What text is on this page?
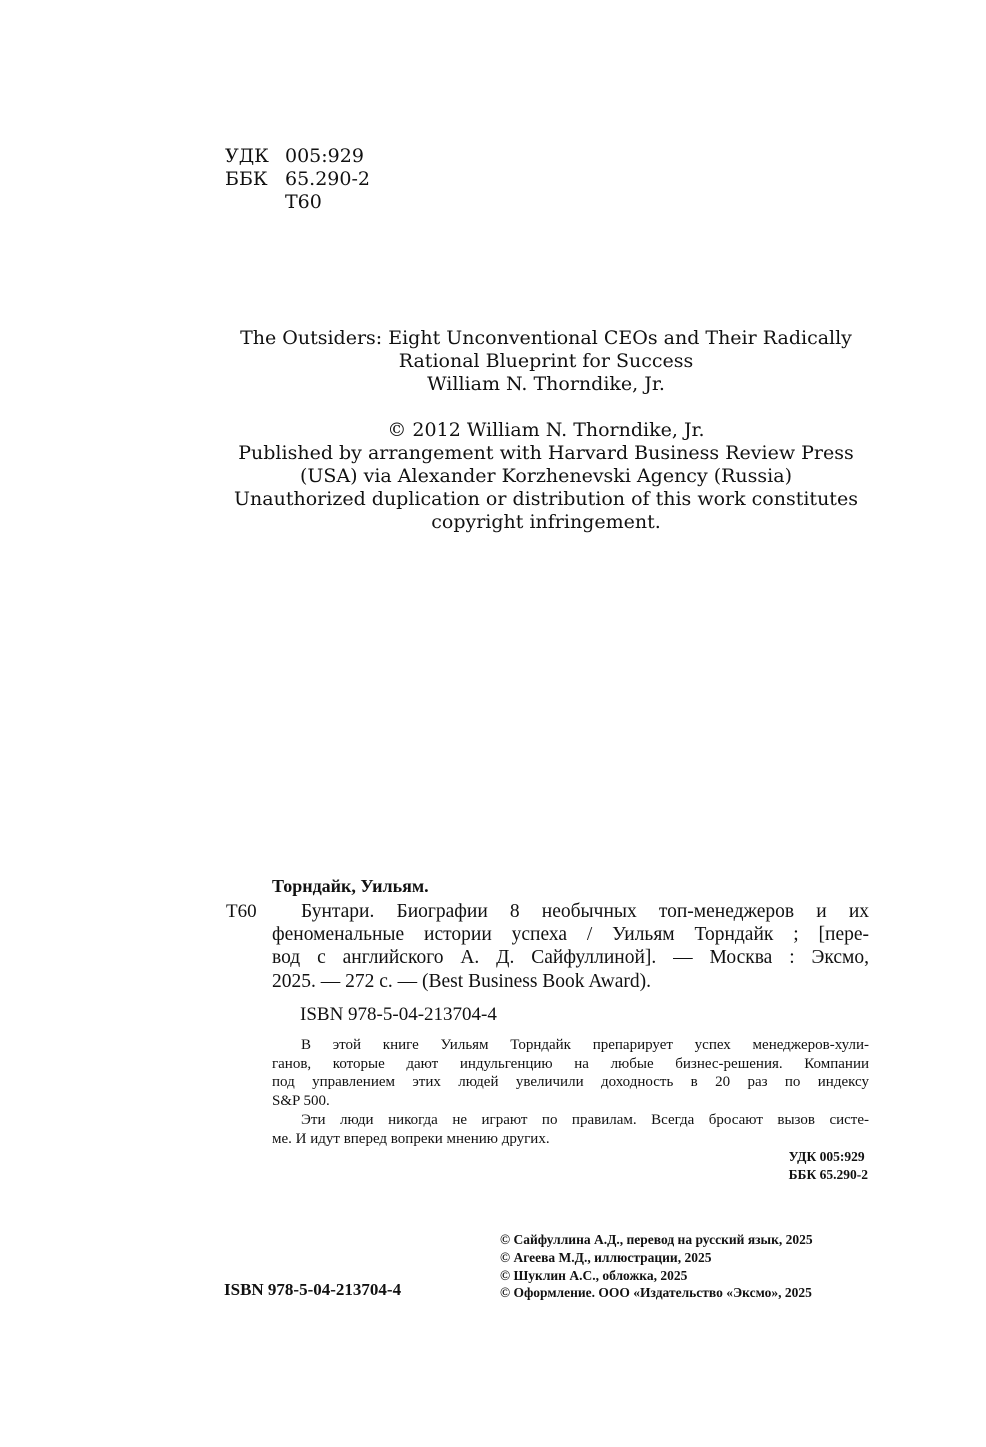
УДК 005:929
ББК 65.290-2
Т60
The Outsiders: Eight Unconventional CEOs and Their Radically
Rational Blueprint for Success
William N. Thorndike, Jr.
© 2012 William N. Thorndike, Jr.
Published by arrangement with Harvard Business Review Press
(USA) via Alexander Korzhenevski Agency (Russia)
Unauthorized duplication or distribution of this work constitutes
copyright infringement.
Торндайк, Уильям.
Т60	Бунтари. Биографии 8 необычных топ-менеджеров и их
феноменальные истории успеха / Уильям Торндайк ; [пере-
вод с английского А. Д. Сайфуллиной]. — Москва : Эксмо,
2025. — 272 с. — (Best Business Book Award).
ISBN 978-5-04-213704-4
В этой книге Уильям Торндайк препарирует успех менеджеров-хули-
ганов, которые дают индульгенцию на любые бизнес-решения. Компании
под управлением этих людей увеличили доходность в 20 раз по индексу
S&P 500.
Эти люди никогда не играют по правилам. Всегда бросают вызов систе-
ме. И идут вперед вопреки мнению других.
УДК 005:929
ББК 65.290-2
ISBN 978-5-04-213704-4
© Сайфуллина А.Д., перевод на русский язык, 2025
© Агеева М.Д., иллюстрации, 2025
© Шуклин А.С., обложка, 2025
© Оформление. ООО «Издательство «Эксмо», 2025
